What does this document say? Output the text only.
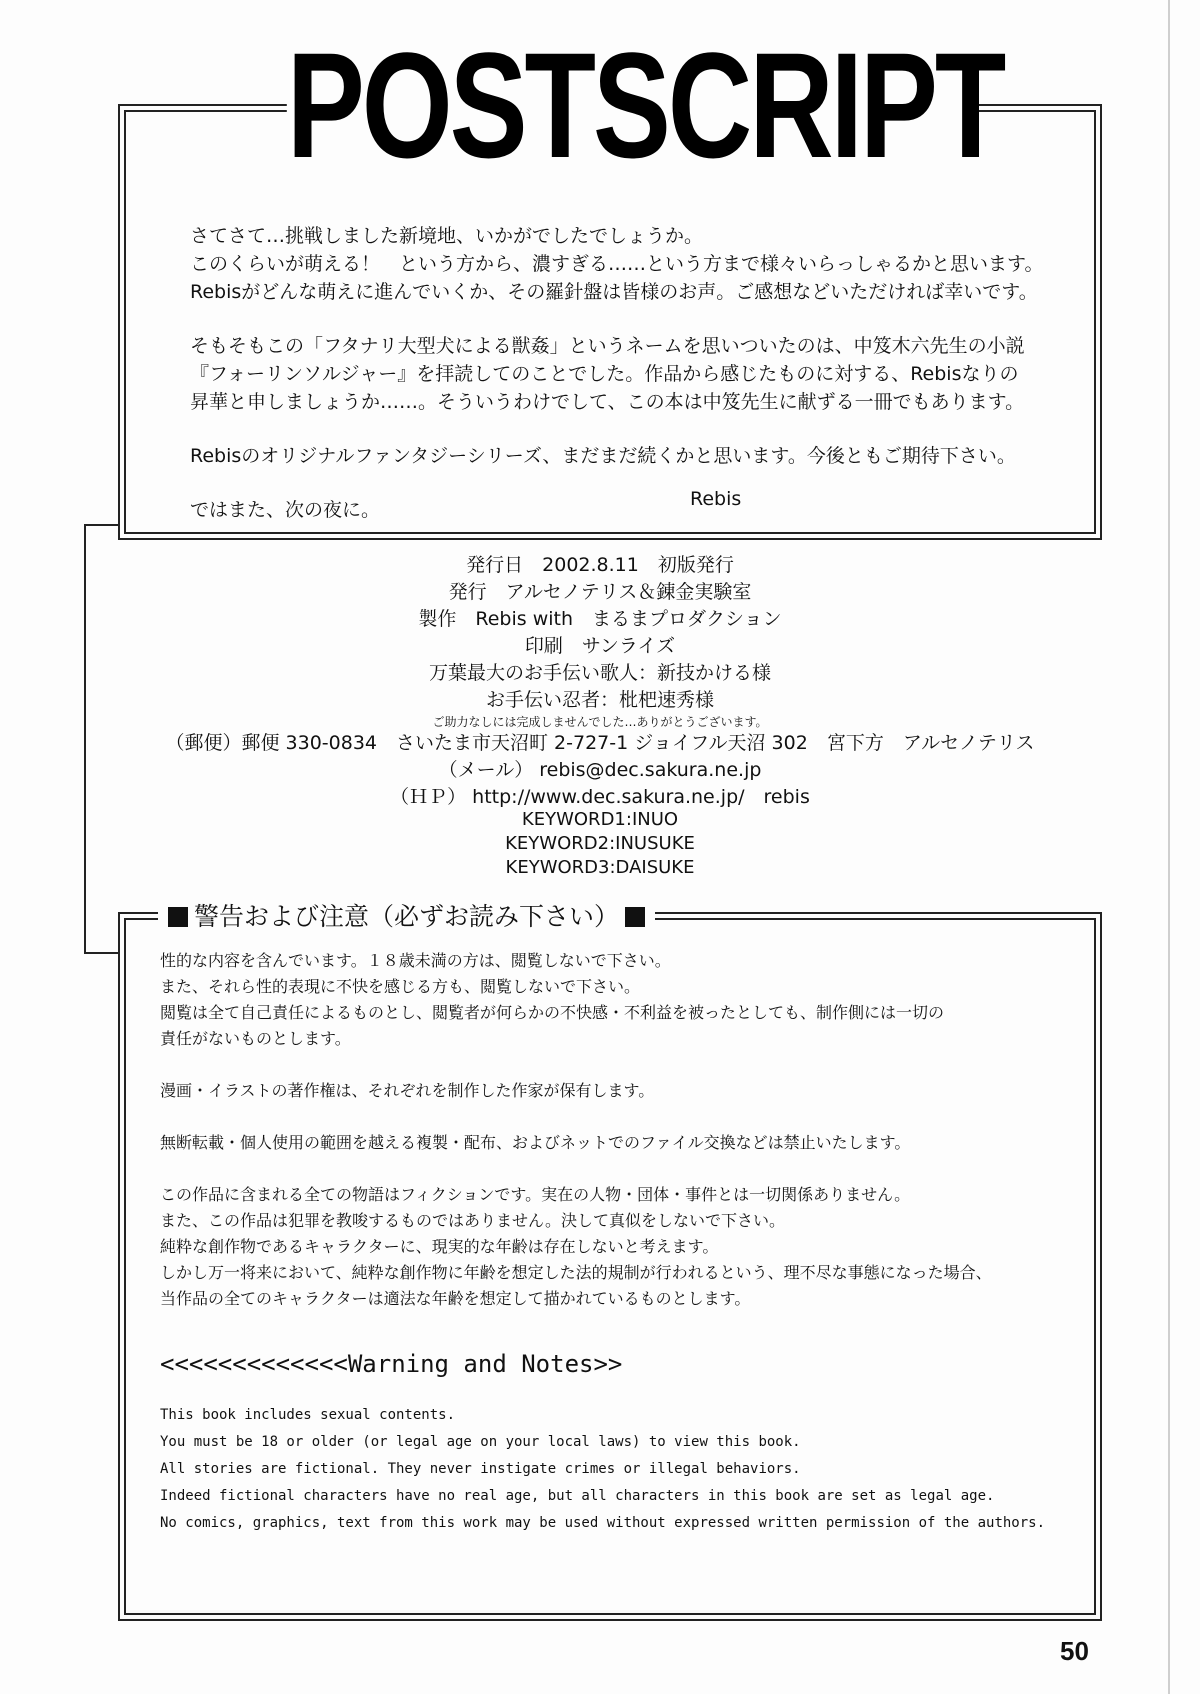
POSTSCRIPT

さてさて…挑戦しました新境地、いかがでしたでしょうか。
このくらいが萌える！　という方から、濃すぎる……という方まで様々いらっしゃるかと思います。
Rebisがどんな萌えに進んでいくか、その羅針盤は皆様のお声。ご感想などいただければ幸いです。

そもそもこの「フタナリ大型犬による獣姦」というネームを思いついたのは、中笈木六先生の小説
『フォーリンソルジャー』を拝読してのことでした。作品から感じたものに対する、Rebisなりの
昇華と申しましょうか……。そういうわけでして、この本は中笈先生に献ずる一冊でもあります。

Rebisのオリジナルファンタジーシリーズ、まだまだ続くかと思います。今後ともご期待下さい。

ではまた、次の夜に。	Rebis
発行日　2002.8.11　初版発行
発行　アルセノテリス＆錬金実験室
製作　Rebis with　まるまプロダクション
印刷　サンライズ
万葉最大のお手伝い歌人：新技かける様
お手伝い忍者：枇杷速秀様
ご助力なしには完成しませんでした…ありがとうございます。
（郵便）郵便 330-0834　さいたま市天沼町 2-727-1 ジョイフル天沼 302　宮下方　アルセノテリス
（メール） rebis@dec.sakura.ne.jp
（ＨＰ） http://www.dec.sakura.ne.jp/　rebis
KEYWORD1:INUO
KEYWORD2:INUSUKE
KEYWORD3:DAISUKE
警告および注意（必ずお読み下さい）

性的な内容を含んでいます。１８歳未満の方は、閲覧しないで下さい。
また、それら性的表現に不快を感じる方も、閲覧しないで下さい。
閲覧は全て自己責任によるものとし、閲覧者が何らかの不快感・不利益を被ったとしても、制作側には一切の
責任がないものとします。

漫画・イラストの著作権は、それぞれを制作した作家が保有します。

無断転載・個人使用の範囲を越える複製・配布、およびネットでのファイル交換などは禁止いたします。

この作品に含まれる全ての物語はフィクションです。実在の人物・団体・事件とは一切関係ありません。
また、この作品は犯罪を教唆するものではありません。決して真似をしないで下さい。
純粋な創作物であるキャラクターに、現実的な年齢は存在しないと考えます。
しかし万一将来において、純粋な創作物に年齢を想定した法的規制が行われるという、理不尽な事態になった場合、
当作品の全てのキャラクターは適法な年齢を想定して描かれているものとします。

<<<<<<<<<<<<<Warning and Notes>>
This book includes sexual contents.
You must be 18 or older (or legal age on your local laws) to view this book.
All stories are fictional. They never instigate crimes or illegal behaviors.
Indeed fictional characters have no real age, but all characters in this book are set as legal age.
No comics, graphics, text from this work may be used without expressed written permission of the authors.
50
